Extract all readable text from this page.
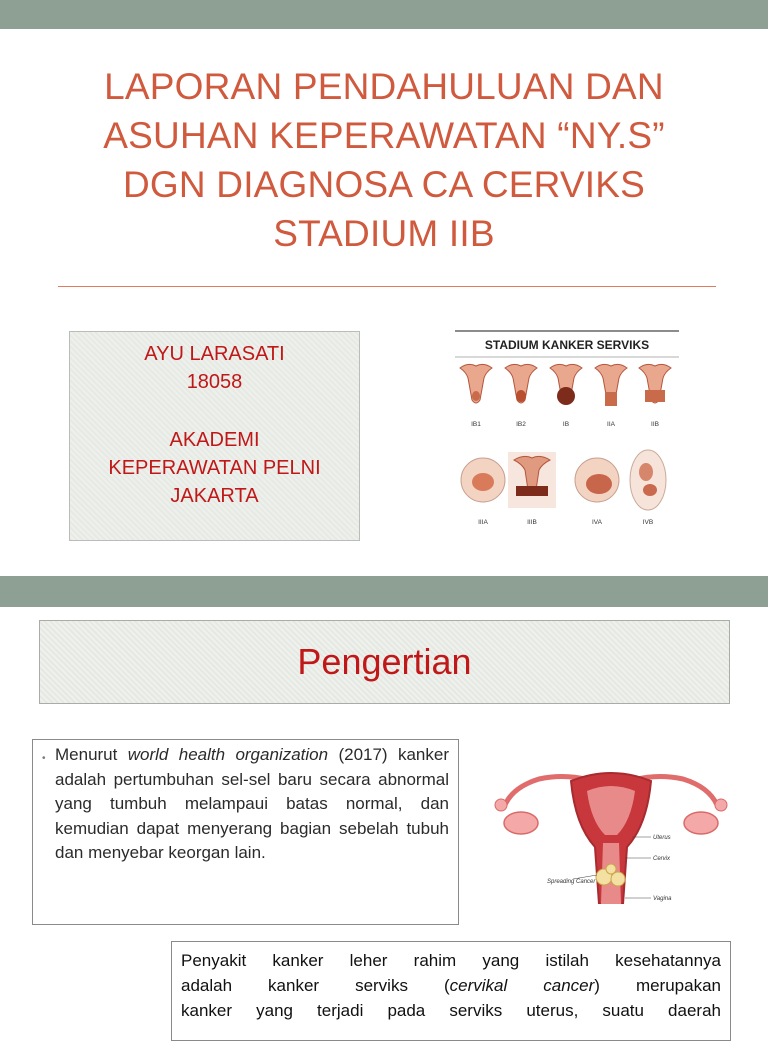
LAPORAN PENDAHULUAN DAN
ASUHAN KEPERAWATAN “NY.S”
DGN DIAGNOSA CA CERVIKS
STADIUM IIB
AYU LARASATI
18058
AKADEMI
KEPERAWATAN PELNI
JAKARTA
STADIUM KANKER SERVIKS
IB1	IB2	IB	IIA	IIB
IIIA	IIIB	IVA	IVB
Pengertian
• Menurut world health organization (2017) kanker adalah pertumbuhan sel-sel baru secara abnormal yang tumbuh melampaui batas normal, dan kemudian dapat menyerang bagian sebelah tubuh dan menyebar keorgan lain.
Uterus
Cervix
Vagina
Spreading Cancer
Penyakit kanker leher rahim yang istilah kesehatannya
adalah kanker serviks (cervikal cancer) merupakan
kanker yang terjadi pada serviks uterus, suatu daerah
